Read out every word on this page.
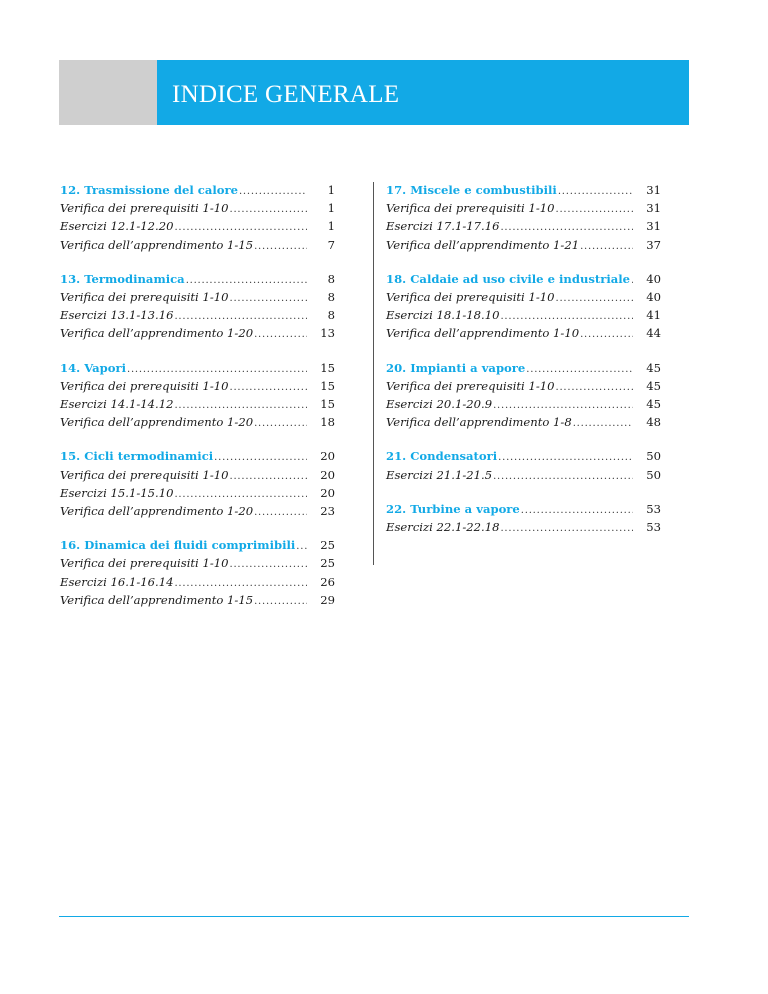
INDICE GENERALE
12. Trasmissione del calore . . .	1
Verifica dei prerequisiti 1-10 . . .	1
Esercizi 12.1-12.20 . . .	1
Verifica dell’apprendimento 1-15 . . .	7
13. Termodinamica . . .	8
Verifica dei prerequisiti 1-10 . . .	8
Esercizi 13.1-13.16 . . .	8
Verifica dell’apprendimento 1-20 . . .	13
14. Vapori . . .	15
Verifica dei prerequisiti 1-10 . . .	15
Esercizi 14.1-14.12 . . .	15
Verifica dell’apprendimento 1-20 . . .	18
15. Cicli termodinamici . . .	20
Verifica dei prerequisiti 1-10 . . .	20
Esercizi 15.1-15.10 . . .	20
Verifica dell’apprendimento 1-20 . . .	23
16. Dinamica dei fluidi comprimibili . . .	25
Verifica dei prerequisiti 1-10 . . .	25
Esercizi 16.1-16.14 . . .	26
Verifica dell’apprendimento 1-15 . . .	29
17. Miscele e combustibili . . .	31
Verifica dei prerequisiti 1-10 . . .	31
Esercizi 17.1-17.16 . . .	31
Verifica dell’apprendimento 1-21 . . .	37
18. Caldaie ad uso civile e industriale . . .	40
Verifica dei prerequisiti 1-10 . . .	40
Esercizi 18.1-18.10 . . .	41
Verifica dell’apprendimento 1-10 . . .	44
20. Impianti a vapore . . .	45
Verifica dei prerequisiti 1-10 . . .	45
Esercizi 20.1-20.9 . . .	45
Verifica dell’apprendimento 1-8 . . .	48
21. Condensatori . . .	50
Esercizi 21.1-21.5 . . .	50
22. Turbine a vapore . . .	53
Esercizi 22.1-22.18 . . .	53
